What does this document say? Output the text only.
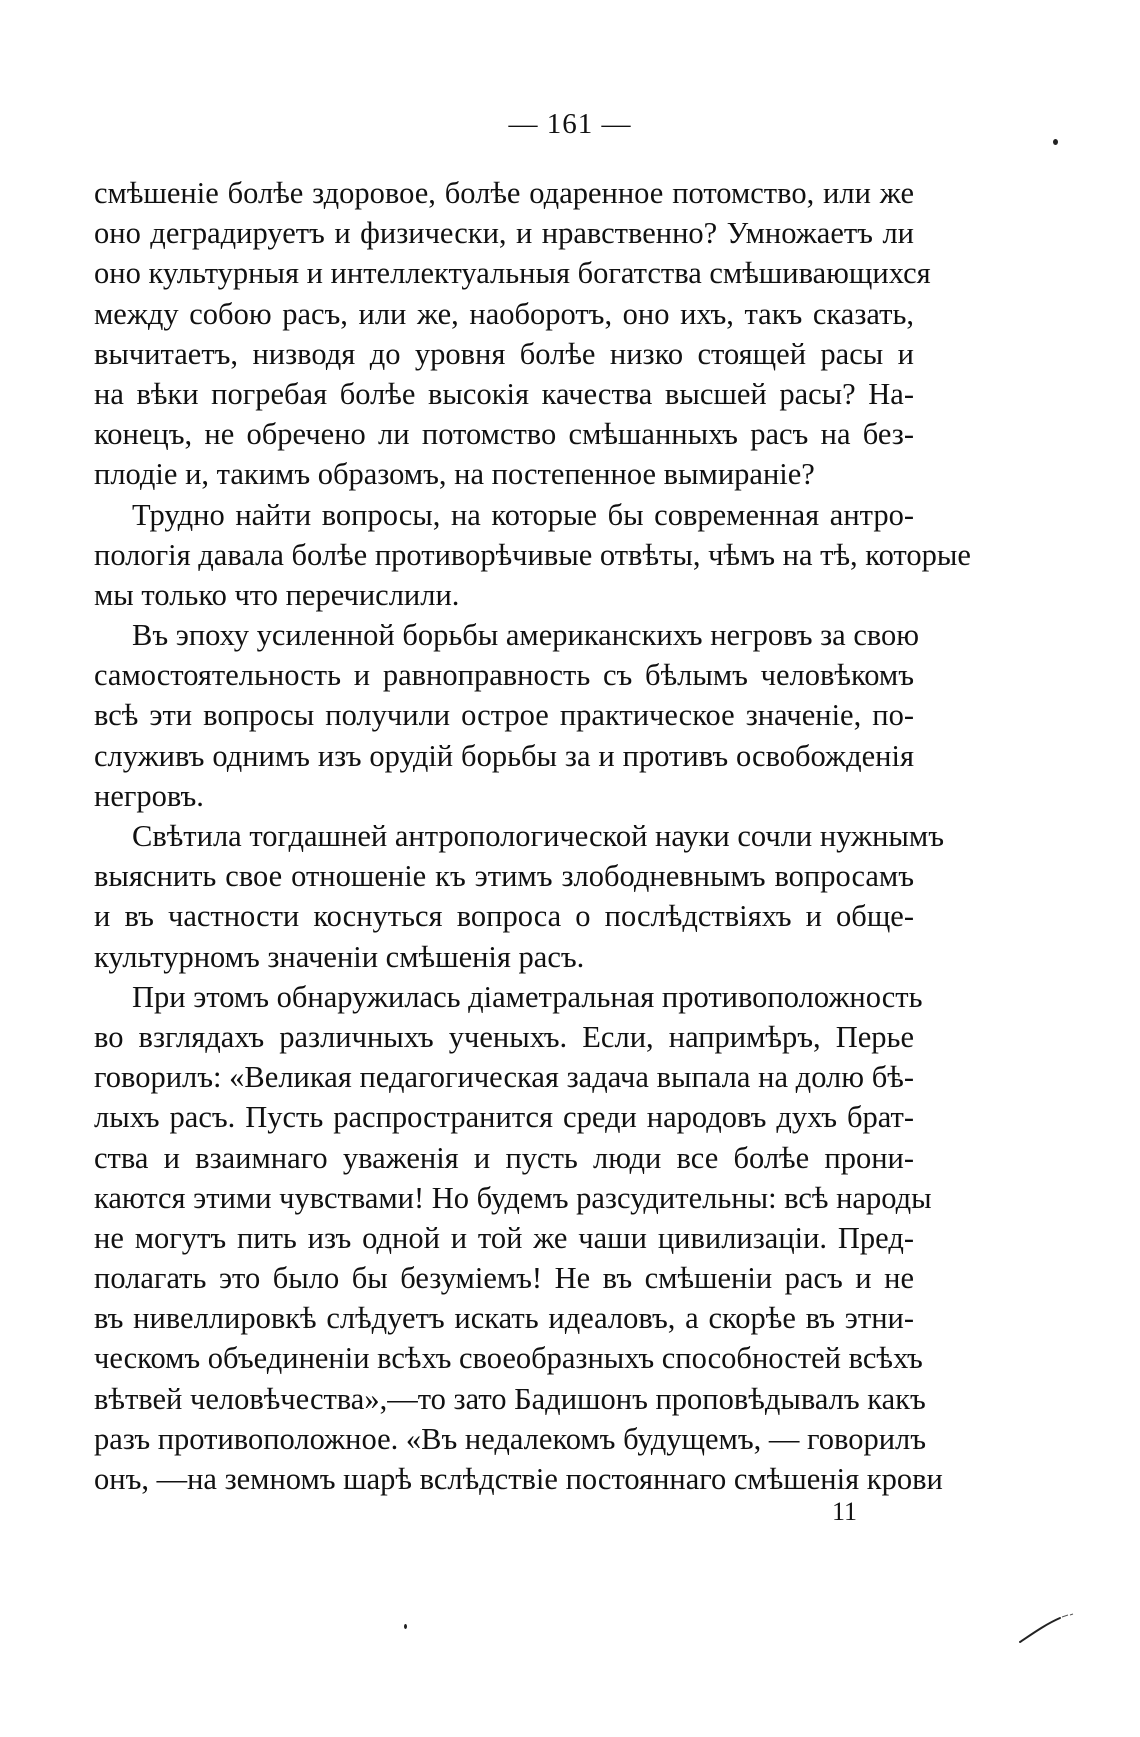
— 161 —
смѣшеніе болѣе здоровое, болѣе одаренное потомство, или же
оно деградируетъ и физически, и нравственно? Умножаетъ ли
оно культурныя и интеллектуальныя богатства смѣшивающихся
между собою расъ, или же, наоборотъ, оно ихъ, такъ сказать,
вычитаетъ, низводя до уровня болѣе низко стоящей расы и
на вѣки погребая болѣе высокія качества высшей расы? На-
конецъ, не обречено ли потомство смѣшанныхъ расъ на без-
плодіе и, такимъ образомъ, на постепенное вымираніе?
Трудно найти вопросы, на которые бы современная антро-
пологія давала болѣе противорѣчивые отвѣты, чѣмъ на тѣ, которые
мы только что перечислили.
Въ эпоху усиленной борьбы американскихъ негровъ за свою
самостоятельность и равноправность съ бѣлымъ человѣкомъ
всѣ эти вопросы получили острое практическое значеніе, по-
служивъ однимъ изъ орудій борьбы за и противъ освобожденія
негровъ.
Свѣтила тогдашней антропологической науки сочли нужнымъ
выяснить свое отношеніе къ этимъ злободневнымъ вопросамъ
и въ частности коснуться вопроса о послѣдствіяхъ и обще-
культурномъ значеніи смѣшенія расъ.
При этомъ обнаружилась діаметральная противоположность
во взглядахъ различныхъ ученыхъ. Если, напримѣръ, Перье
говорилъ: «Великая педагогическая задача выпала на долю бѣ-
лыхъ расъ. Пусть распространится среди народовъ духъ брат-
ства и взаимнаго уваженія и пусть люди все болѣе прони-
каются этими чувствами! Но будемъ разсудительны: всѣ народы
не могутъ пить изъ одной и той же чаши цивилизаціи. Пред-
полагать это было бы безуміемъ! Не въ смѣшеніи расъ и не
въ нивеллировкѣ слѣдуетъ искать идеаловъ, а скорѣе въ этни-
ческомъ объединеніи всѣхъ своеобразныхъ способностей всѣхъ
вѣтвей человѣчества»,—то зато Бадишонъ проповѣдывалъ какъ
разъ противоположное. «Въ недалекомъ будущемъ, — говорилъ
онъ, —на земномъ шарѣ вслѣдствіе постояннаго смѣшенія крови
11
